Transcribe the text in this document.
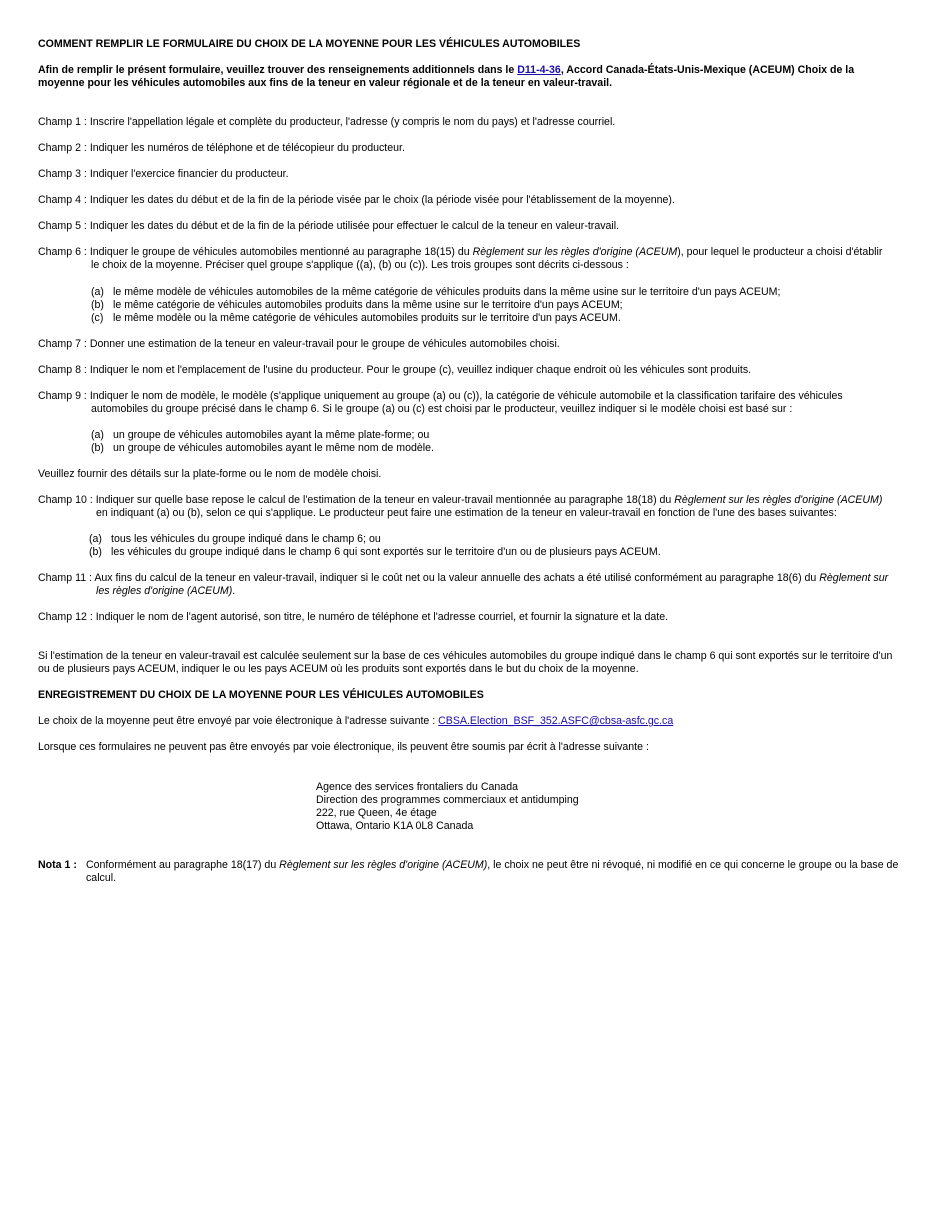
COMMENT REMPLIR LE FORMULAIRE DU CHOIX DE LA MOYENNE POUR LES VÉHICULES AUTOMOBILES
Afin de remplir le présent formulaire, veuillez trouver des renseignements additionnels dans le D11-4-36, Accord Canada-États-Unis-Mexique (ACEUM) Choix de la moyenne pour les véhicules automobiles aux fins de la teneur en valeur régionale et de la teneur en valeur-travail.
Champ 1 : Inscrire l'appellation légale et complète du producteur, l'adresse (y compris le nom du pays) et l'adresse courriel.
Champ 2 : Indiquer les numéros de téléphone et de télécopieur du producteur.
Champ 3 : Indiquer l'exercice financier du producteur.
Champ 4 : Indiquer les dates du début et de la fin de la période visée par le choix (la période visée pour l'établissement de la moyenne).
Champ 5 : Indiquer les dates du début et de la fin de la période utilisée pour effectuer le calcul de la teneur en valeur-travail.
Champ 6 : Indiquer le groupe de véhicules automobiles mentionné au paragraphe 18(15) du Règlement sur les règles d'origine (ACEUM), pour lequel le producteur a choisi d'établir
le choix de la moyenne. Préciser quel groupe s'applique ((a), (b) ou (c)). Les trois groupes sont décrits ci-dessous :
(a) le même modèle de véhicules automobiles de la même catégorie de véhicules produits dans la même usine sur le territoire d'un pays ACEUM;
(b) le même catégorie de véhicules automobiles produits dans la même usine sur le territoire d'un pays ACEUM;
(c) le même modèle ou la même catégorie de véhicules automobiles produits sur le territoire d'un pays ACEUM.
Champ 7 : Donner une estimation de la teneur en valeur-travail pour le groupe de véhicules automobiles choisi.
Champ 8 : Indiquer le nom et l'emplacement de l'usine du producteur. Pour le groupe (c), veuillez indiquer chaque endroit où les véhicules sont produits.
Champ 9 : Indiquer le nom de modèle, le modèle (s'applique uniquement au groupe (a) ou (c)), la catégorie de véhicule automobile et la classification tarifaire des véhicules
automobiles du groupe précisé dans le champ 6. Si le groupe (a) ou (c) est choisi par le producteur, veuillez indiquer si le modèle choisi est basé sur :
(a) un groupe de véhicules automobiles ayant la même plate-forme; ou
(b) un groupe de véhicules automobiles ayant le même nom de modèle.
Veuillez fournir des détails sur la plate-forme ou le nom de modèle choisi.
Champ 10 : Indiquer sur quelle base repose le calcul de l'estimation de la teneur en valeur-travail mentionnée au paragraphe 18(18) du Règlement sur les règles d'origine (ACEUM)
en indiquant (a) ou (b), selon ce qui s'applique. Le producteur peut faire une estimation de la teneur en valeur-travail en fonction de l'une des bases suivantes:
(a) tous les véhicules du groupe indiqué dans le champ 6; ou
(b) les véhicules du groupe indiqué dans le champ 6 qui sont exportés sur le territoire d'un ou de plusieurs pays ACEUM.
Champ 11 : Aux fins du calcul de la teneur en valeur-travail, indiquer si le coût net ou la valeur annuelle des achats a été utilisé conformément au paragraphe 18(6) du Règlement sur
les règles d'origine (ACEUM).
Champ 12 : Indiquer le nom de l'agent autorisé, son titre, le numéro de téléphone et l'adresse courriel, et fournir la signature et la date.
Si l'estimation de la teneur en valeur-travail est calculée seulement sur la base de ces véhicules automobiles du groupe indiqué dans le champ 6 qui sont exportés sur le territoire d'un ou de plusieurs pays ACEUM, indiquer le ou les pays ACEUM où les produits sont exportés dans le but du choix de la moyenne.
ENREGISTREMENT DU CHOIX DE LA MOYENNE POUR LES VÉHICULES AUTOMOBILES
Le choix de la moyenne peut être envoyé par voie électronique à l'adresse suivante : CBSA.Election_BSF_352.ASFC@cbsa-asfc.gc.ca
Lorsque ces formulaires ne peuvent pas être envoyés par voie électronique, ils peuvent être soumis par écrit à l'adresse suivante :
Agence des services frontaliers du Canada
Direction des programmes commerciaux et antidumping
222, rue Queen, 4e étage
Ottawa, Ontario K1A 0L8 Canada
Nota 1 : Conformément au paragraphe 18(17) du Règlement sur les règles d'origine (ACEUM), le choix ne peut être ni révoqué, ni modifié en ce qui concerne le groupe ou la base de calcul.
